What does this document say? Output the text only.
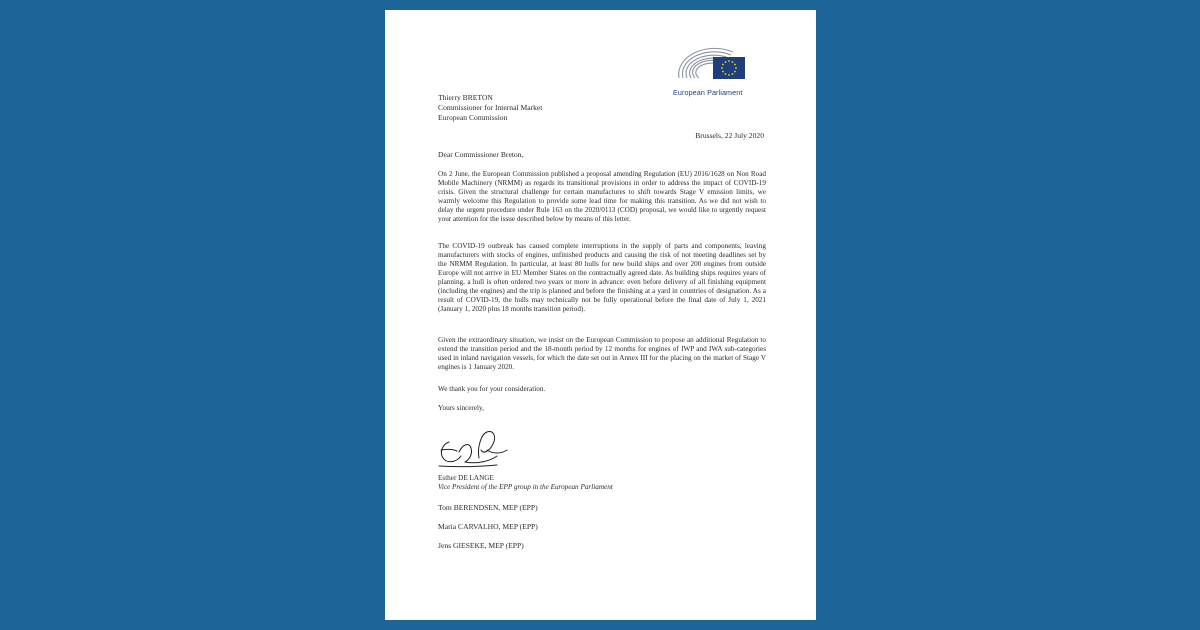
European Parliament
Thierry BRETON
Commissioner for Internal Market
European Commission
Brussels, 22 July 2020
Dear Commissioner Breton,
On 2 June, the European Commission published a proposal amending Regulation (EU) 2016/1628 on Non Road Mobile Machinery (NRMM) as regards its transitional provisions in order to address the impact of COVID-19 crisis. Given the structural challenge for certain manufactures to shift towards Stage V emission limits, we warmly welcome this Regulation to provide some lead time for making this transition. As we did not wish to delay the urgent procedure under Rule 163 on the 2020/0113 (COD) proposal, we would like to urgently request your attention for the issue described below by means of this letter.
The COVID-19 outbreak has caused complete interruptions in the supply of parts and components, leaving manufacturers with stocks of engines, unfinished products and causing the risk of not meeting deadlines set by the NRMM Regulation. In particular, at least 80 hulls for new build ships and over 200 engines from outside Europe will not arrive in EU Member States on the contractually agreed date. As building ships requires years of planning, a hull is often ordered two years or more in advance: even before delivery of all finishing equipment (including the engines) and the trip is planned and before the finishing at a yard in countries of designation. As a result of COVID-19, the hulls may technically not be fully operational before the final date of July 1, 2021 (January 1, 2020 plus 18 months transition period).
Given the extraordinary situation, we insist on the European Commission to propose an additional Regulation to extend the transition period and the 18-month period by 12 months for engines of IWP and IWA sub-categories used in inland navigation vessels, for which the date set out in Annex III for the placing on the market of Stage V engines is 1 January 2020.
We thank you for your consideration.
Yours sincerely,
Esther DE LANGE
Vice President of the EPP group in the European Parliament
Tom BERENDSEN, MEP (EPP)
Maria CARVALHO, MEP (EPP)
Jens GIESEKE, MEP (EPP)
